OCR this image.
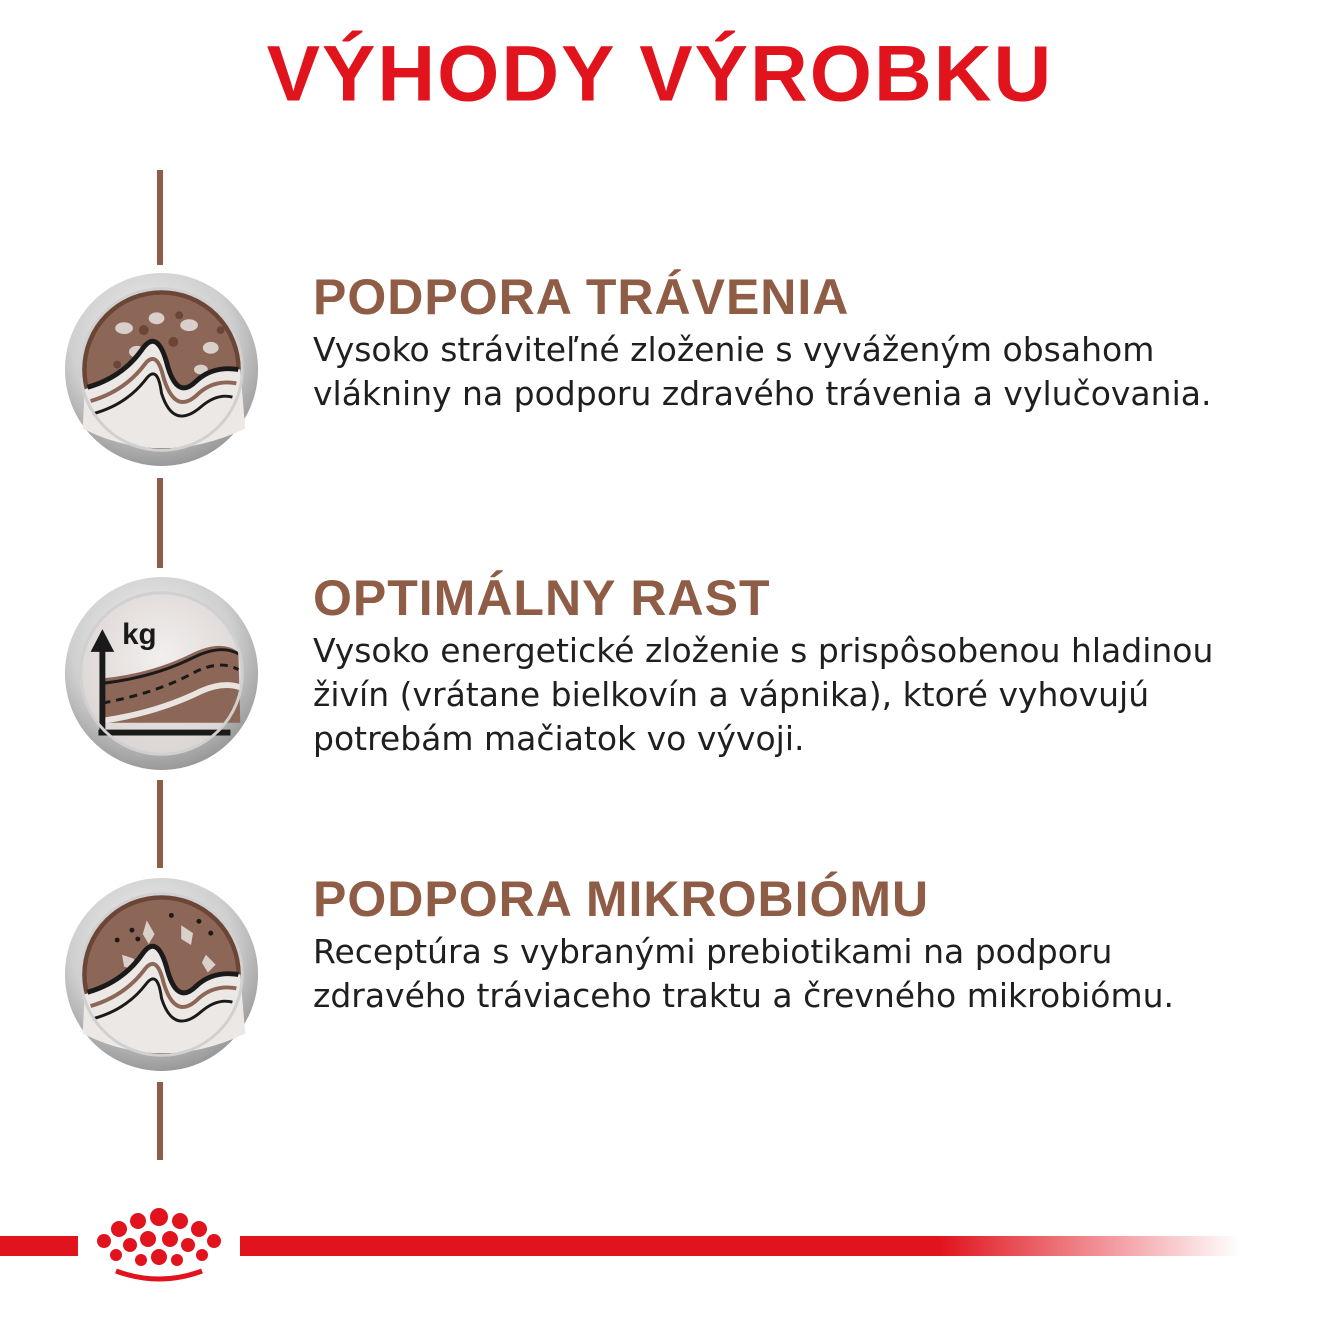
VÝHODY VÝROBKU
kg
PODPORA TRÁVENIA

Vysoko stráviteľné zloženie s vyváženým obsahom
vlákniny na podporu zdravého trávenia a vylučovania.

OPTIMÁLNY RAST

Vysoko energetické zloženie s prispôsobenou hladinou
živín (vrátane bielkovín a vápnika), ktoré vyhovujú
potrebám mačiatok vo vývoji.

PODPORA MIKROBIÓMU

Receptúra s vybranými prebiotikami na podporu
zdravého tráviaceho traktu a črevného mikrobiómu.
